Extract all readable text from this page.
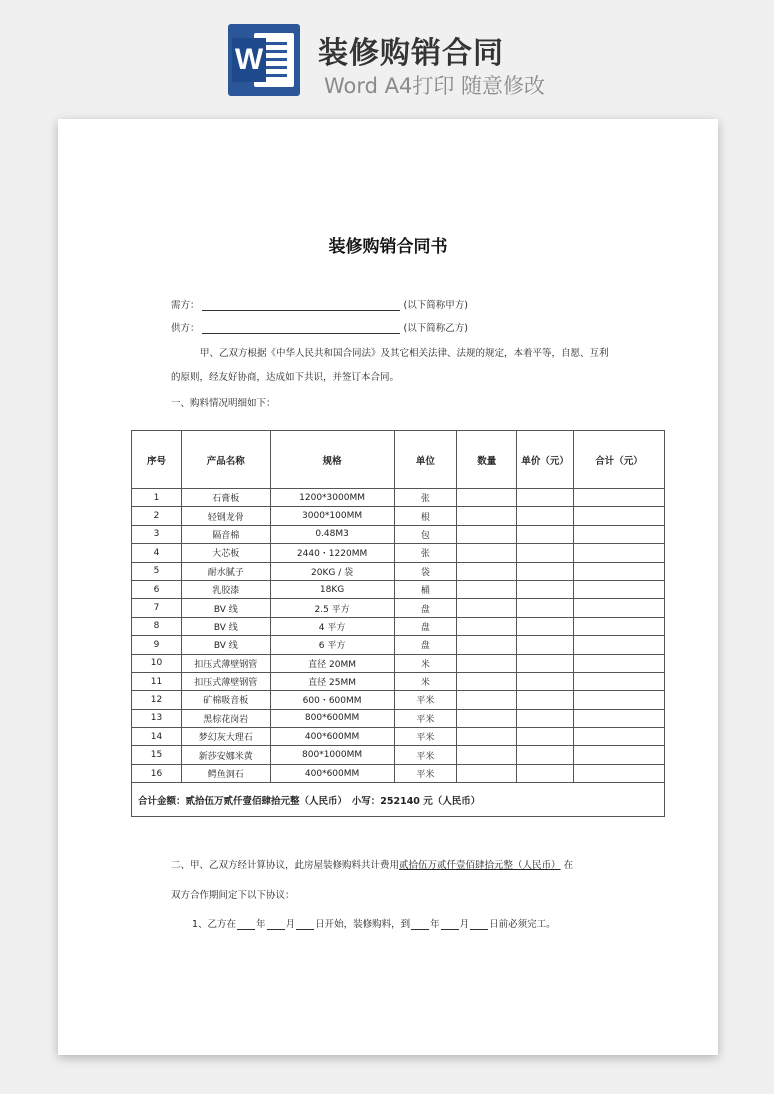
W 装修购销合同
Word A4打印 随意修改
装修购销合同书
需方：	(以下简称甲方)
供方：	(以下简称乙方)
甲、乙双方根据《中华人民共和国合同法》及其它相关法律、法规的规定，本着平等，自愿、互利
的原则，经友好协商，达成如下共识，并签订本合同。
一、购料情况明细如下：
序号	产品名称	规格	单位	数量	单价（元）	合计（元）
1	石膏板	1200*3000MM	张			
2	轻钢龙骨	3000*100MM	根			
3	隔音棉	0.48M3	包			
4	大芯板	2440・1220MM	张			
5	耐水腻子	20KG / 袋	袋			
6	乳胶漆	18KG	桶			
7	BV 线	2.5 平方	盘			
8	BV 线	4 平方	盘			
9	BV 线	6 平方	盘			
10	扣压式薄壁钢管	直径 20MM	米			
11	扣压式薄壁钢管	直径 25MM	米			
12	矿棉吸音板	600・600MM	平米			
13	黑棕花岗岩	800*600MM	平米			
14	梦幻灰大理石	400*600MM	平米			
15	新莎安娜米黄	800*1000MM	平米			
16	鳄鱼洞石	400*600MM	平米			
合计金额：贰拾伍万贰仟壹佰肆拾元整（人民币）　小写：252140 元（人民币）						
二、甲、乙双方经计算协议，此房屋装修购料共计费用贰拾伍万贰仟壹佰肆拾元整（人民币） 在
双方合作期间定下以下协议：
1、乙方在 年 月 日开始，装修购料，到 年 月 日前必须完工。
